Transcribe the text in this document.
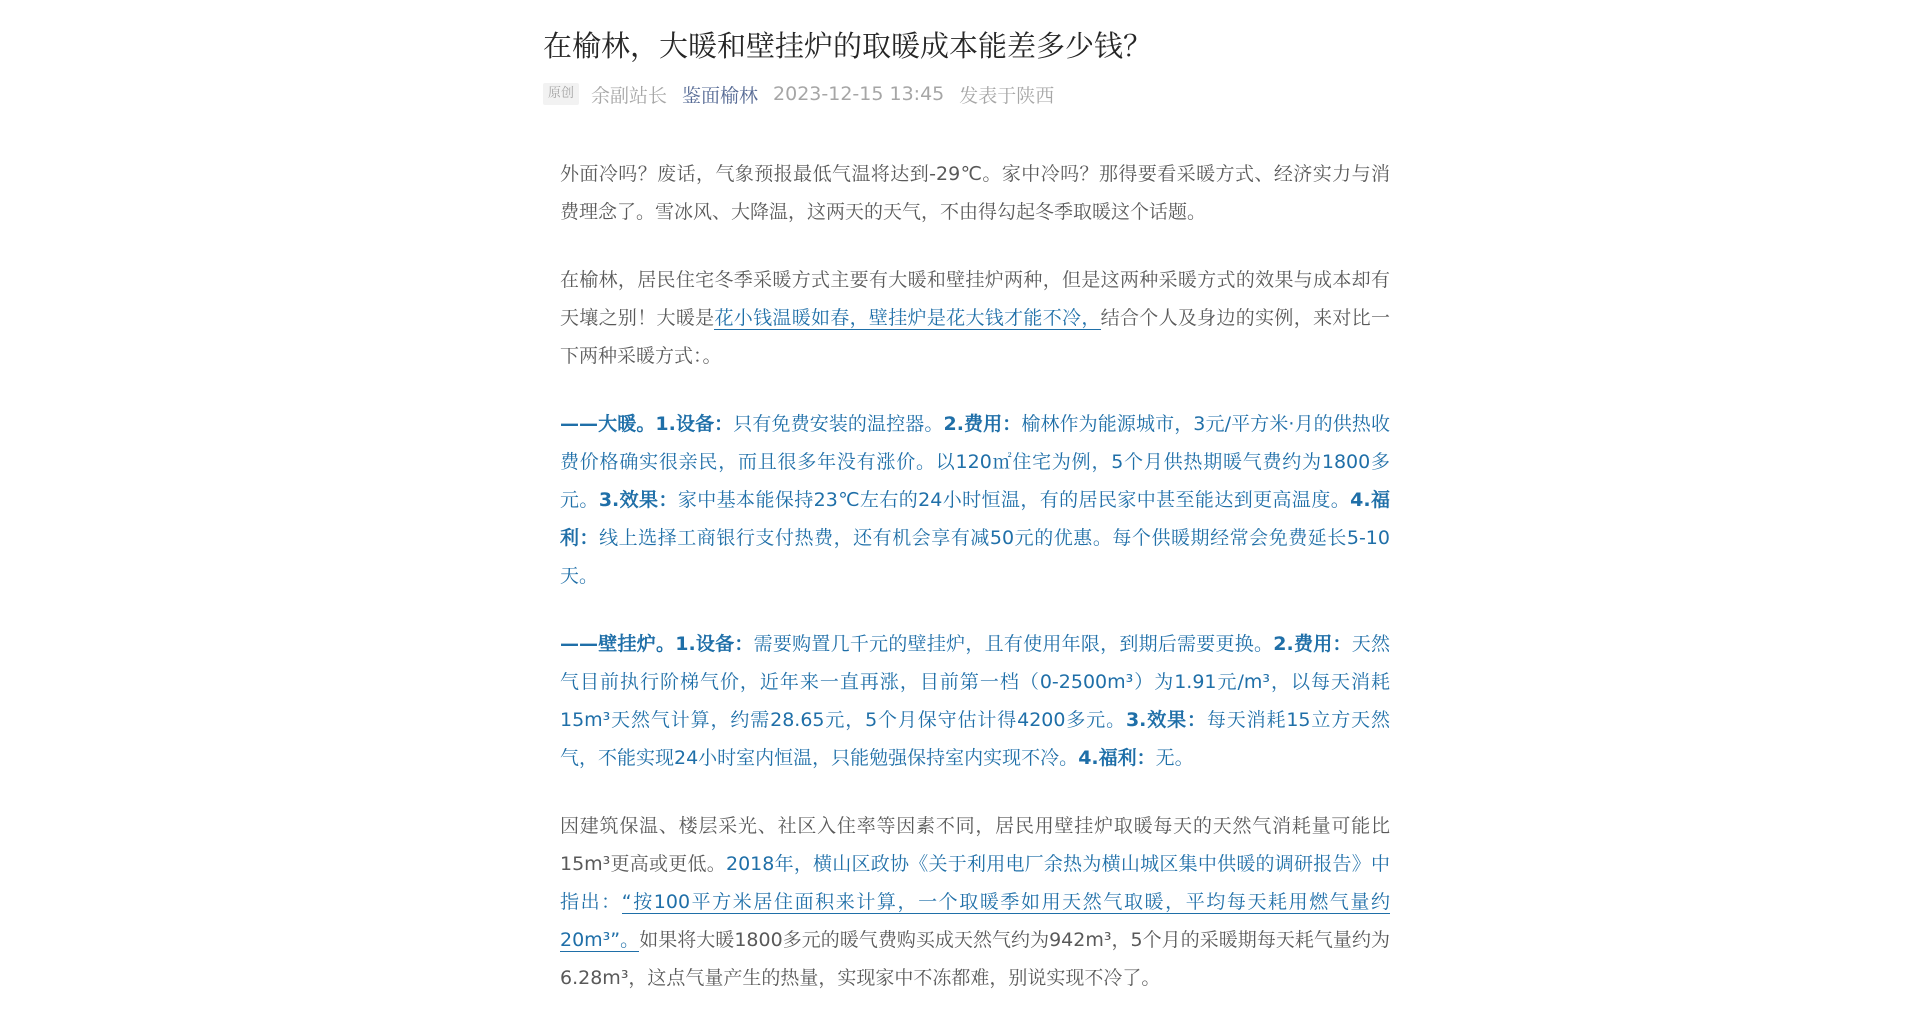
在榆林，大暖和壁挂炉的取暖成本能差多少钱？
原创 余副站长 鉴面榆林 2023-12-15 13:45 发表于陕西

外面冷吗？废话，气象预报最低气温将达到-29℃。家中冷吗？那得要看采暖方式、经济实力与消费理念了。雪冰风、大降温，这两天的天气，不由得勾起冬季取暖这个话题。

在榆林，居民住宅冬季采暖方式主要有大暖和壁挂炉两种，但是这两种采暖方式的效果与成本却有天壤之别！大暖是花小钱温暖如春，壁挂炉是花大钱才能不冷，结合个人及身边的实例，来对比一下两种采暖方式：。

——大暖。1.设备：只有免费安装的温控器。2.费用：榆林作为能源城市，3元/平方米·月的供热收费价格确实很亲民，而且很多年没有涨价。以120㎡住宅为例，5个月供热期暖气费约为1800多元。3.效果：家中基本能保持23℃左右的24小时恒温，有的居民家中甚至能达到更高温度。4.福利：线上选择工商银行支付热费，还有机会享有减50元的优惠。每个供暖期经常会免费延长5-10天。

——壁挂炉。1.设备：需要购置几千元的壁挂炉，且有使用年限，到期后需要更换。2.费用：天然气目前执行阶梯气价，近年来一直再涨，目前第一档（0-2500m³）为1.91元/m³，以每天消耗15m³天然气计算，约需28.65元，5个月保守估计得4200多元。3.效果：每天消耗15立方天然气，不能实现24小时室内恒温，只能勉强保持室内实现不冷。4.福利：无。

因建筑保温、楼层采光、社区入住率等因素不同，居民用壁挂炉取暖每天的天然气消耗量可能比15m³更高或更低。2018年，横山区政协《关于利用电厂余热为横山城区集中供暖的调研报告》中指出：“按100平方米居住面积来计算，一个取暖季如用天然气取暖，平均每天耗用燃气量约20m³”。如果将大暖1800多元的暖气费购买成天然气约为942m³，5个月的采暖期每天耗气量约为6.28m³，这点气量产生的热量，实现家中不冻都难，别说实现不冷了。
